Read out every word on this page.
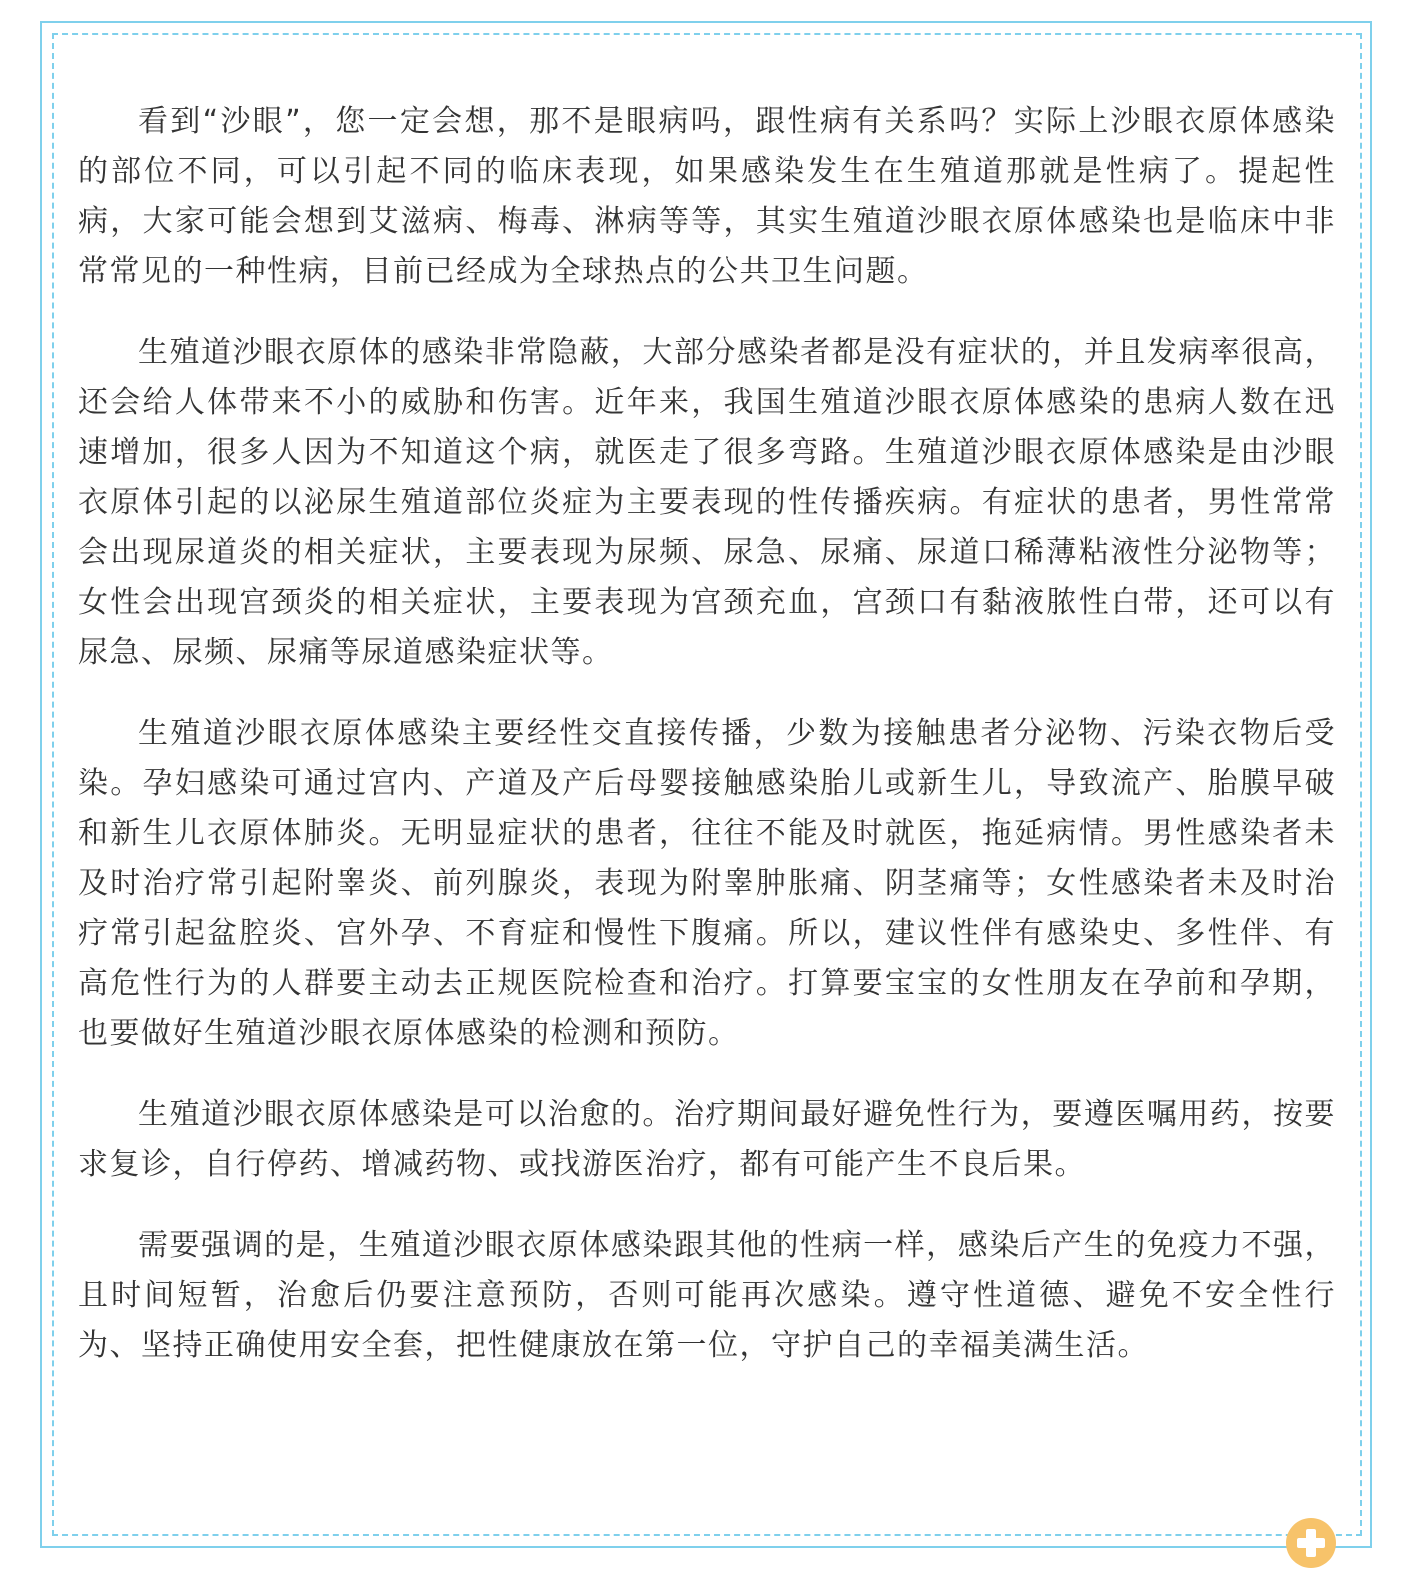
看到“沙眼”，您一定会想，那不是眼病吗，跟性病有关系吗？实际上沙眼衣原体感染的部位不同，可以引起不同的临床表现，如果感染发生在生殖道那就是性病了。提起性病，大家可能会想到艾滋病、梅毒、淋病等等，其实生殖道沙眼衣原体感染也是临床中非常常见的一种性病，目前已经成为全球热点的公共卫生问题。

生殖道沙眼衣原体的感染非常隐蔽，大部分感染者都是没有症状的，并且发病率很高，还会给人体带来不小的威胁和伤害。近年来，我国生殖道沙眼衣原体感染的患病人数在迅速增加，很多人因为不知道这个病，就医走了很多弯路。生殖道沙眼衣原体感染是由沙眼衣原体引起的以泌尿生殖道部位炎症为主要表现的性传播疾病。有症状的患者，男性常常会出现尿道炎的相关症状，主要表现为尿频、尿急、尿痛、尿道口稀薄粘液性分泌物等；女性会出现宫颈炎的相关症状，主要表现为宫颈充血，宫颈口有黏液脓性白带，还可以有尿急、尿频、尿痛等尿道感染症状等。

生殖道沙眼衣原体感染主要经性交直接传播，少数为接触患者分泌物、污染衣物后受染。孕妇感染可通过宫内、产道及产后母婴接触感染胎儿或新生儿，导致流产、胎膜早破和新生儿衣原体肺炎。无明显症状的患者，往往不能及时就医，拖延病情。男性感染者未及时治疗常引起附睾炎、前列腺炎，表现为附睾肿胀痛、阴茎痛等；女性感染者未及时治疗常引起盆腔炎、宫外孕、不育症和慢性下腹痛。所以，建议性伴有感染史、多性伴、有高危性行为的人群要主动去正规医院检查和治疗。打算要宝宝的女性朋友在孕前和孕期，也要做好生殖道沙眼衣原体感染的检测和预防。

生殖道沙眼衣原体感染是可以治愈的。治疗期间最好避免性行为，要遵医嘱用药，按要求复诊，自行停药、增减药物、或找游医治疗，都有可能产生不良后果。

需要强调的是，生殖道沙眼衣原体感染跟其他的性病一样，感染后产生的免疫力不强，且时间短暂，治愈后仍要注意预防，否则可能再次感染。遵守性道德、避免不安全性行为、坚持正确使用安全套，把性健康放在第一位，守护自己的幸福美满生活。
